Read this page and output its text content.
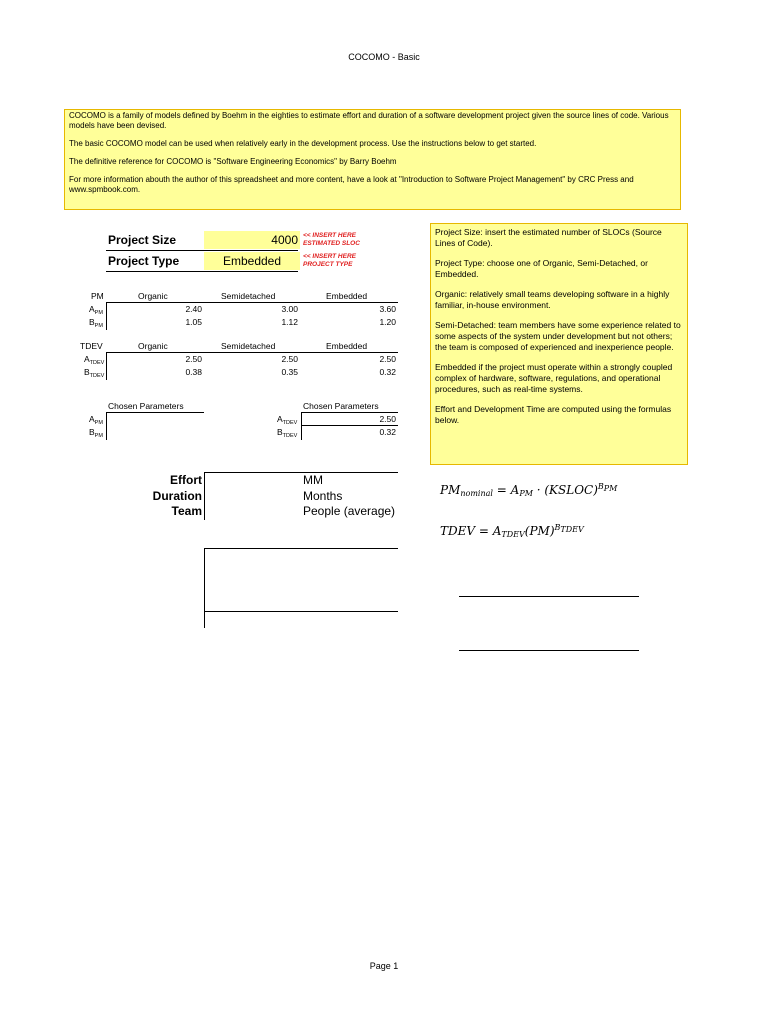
COCOMO - Basic

COCOMO is a family of models defined by Boehm in the eighties to estimate effort and duration of a software development project given the source lines of code. Various models have been devised.

The basic COCOMO model can be used when relatively early in the development process. Use the instructions below to get started.

The definitive reference for COCOMO is "Software Engineering Economics" by Barry Boehm

For more information abouth the author of this spreadsheet and more content, have a look at "Introduction to Software Project Management" by CRC Press and www.spmbook.com.

Project Size	4000 << INSERT HERE
ESTIMATED SLOC
Project Type	Embedded	<< INSERT HERE
PROJECT TYPE
PM	Organic	Semidetached	Embedded
$A_{PM}$	2.40	3.00	3.60
$B_{PM}$	1.05	1.12	1.20
TDEV	Organic	Semidetached	Embedded
$A_{TDEV}$	2.50	2.50	2.50
$B_{TDEV}$	0.38	0.35	0.32
Chosen Parameters
$A_{PM}$
$B_{PM}$
Chosen Parameters
$A_{TDEV}$	2.50
$B_{TDEV}$	0.32
Effort	MM
Duration	Months
Team	People (average)

Project Size: insert the estimated number of SLOCs (Source Lines of Code).

Project Type: choose one of Organic, Semi-Detached, or Embedded.

Organic: relatively small teams developing software in a highly familiar, in-house environment.

Semi-Detached: team members have some experience related to some aspects of the system under development but not others; the team is composed of experienced and inexperience people.

Embedded if the project must operate within a strongly coupled complex of hardware, software, regulations, and operational procedures, such as real-time systems.

Effort and Development Time are computed using the formulas below.

$PM_{nominal} = A_{PM}$ · (KSLOC)$^{B_{PM}}$
TDEV = $A_{TDEV}(PM)^{B_{TDEV}}$
Page 1
